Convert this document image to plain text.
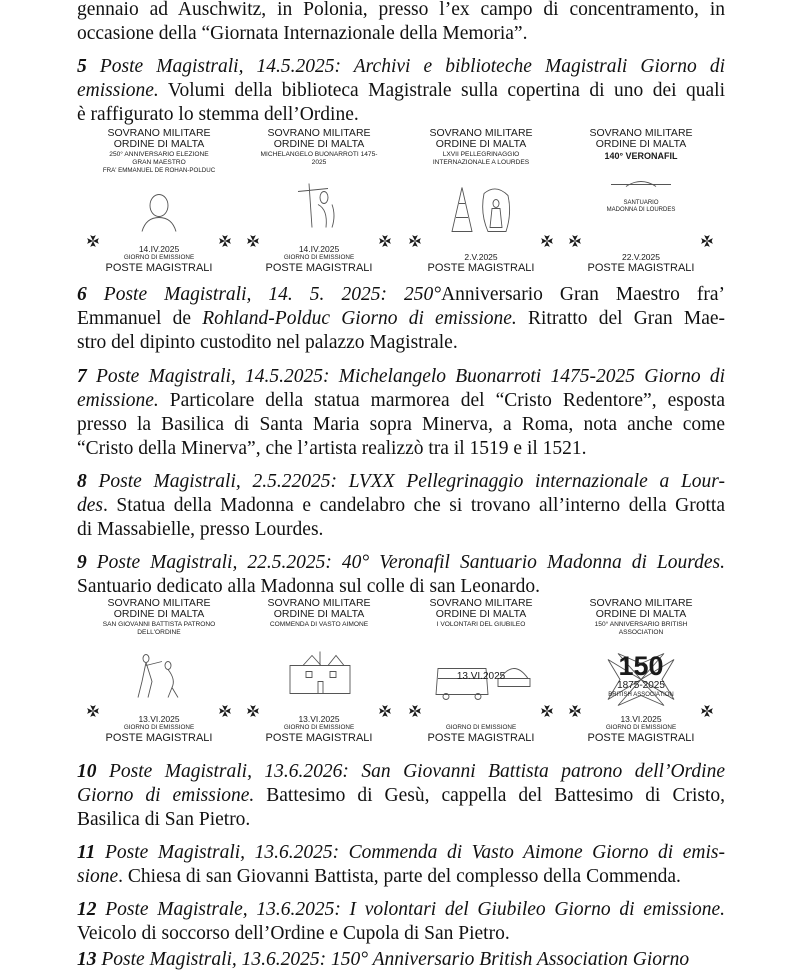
gennaio ad Auschwitz, in Polonia, presso l’ex campo di concentramento, in
occasione della “Giornata Internazionale della Memoria”.
5 Poste Magistrali, 14.5.2025: Archivi e biblioteche Magistrali Giorno di
emissione. Volumi della biblioteca Magistrale sulla copertina di uno dei quali
è raffigurato lo stemma dell’Ordine.
6 Poste Magistrali, 14. 5. 2025: 250°Anniversario Gran Maestro fra’
Emmanuel de Rohland-Polduc Giorno di emissione. Ritratto del Gran Mae-
stro del dipinto custodito nel palazzo Magistrale.
7 Poste Magistrali, 14.5.2025: Michelangelo Buonarroti 1475-2025 Giorno di
emissione. Particolare della statua marmorea del “Cristo Redentore”, esposta
presso la Basilica di Santa Maria sopra Minerva, a Roma, nota anche come
“Cristo della Minerva”, che l’artista realizzò tra il 1519 e il 1521.
8 Poste Magistrali, 2.5.22025: LVXX Pellegrinaggio internazionale a Lour-
des. Statua della Madonna e candelabro che si trovano all’interno della Grotta
di Massabielle, presso Lourdes.
9 Poste Magistrali, 22.5.2025: 40° Veronafil Santuario Madonna di Lourdes.
Santuario dedicato alla Madonna sul colle di san Leonardo.
10 Poste Magistrali, 13.6.2026: San Giovanni Battista patrono dell’Ordine
Giorno di emissione. Battesimo di Gesù, cappella del Battesimo di Cristo,
Basilica di San Pietro.
11 Poste Magistrali, 13.6.2025: Commenda di Vasto Aimone Giorno di emis-
sione. Chiesa di san Giovanni Battista, parte del complesso della Commenda.
12 Poste Magistrale, 13.6.2025: I volontari del Giubileo Giorno di emissione.
Veicolo di soccorso dell’Ordine e Cupola di San Pietro.
13 Poste Magistrali, 13.6.2025: 150° Anniversario British Association Giorno
SOVRANO MILITARE ORDINE DI MALTA
250° ANNIVERSARIO ELEZIONE GRAN MAESTRO
FRA' EMMANUEL DE ROHAN-POLDUC
14.IV.2025
GIORNO DI EMISSIONE
POSTE MAGISTRALI
SOVRANO MILITARE ORDINE DI MALTA
MICHELANGELO BUONARROTI 1475-2025
14.IV.2025
GIORNO DI EMISSIONE
POSTE MAGISTRALI
SOVRANO MILITARE ORDINE DI MALTA
LXVII PELLEGRINAGGIO INTERNAZIONALE A LOURDES
2.V.2025
POSTE MAGISTRALI
SOVRANO MILITARE ORDINE DI MALTA
140° VERONAFIL
SANTUARIO
MADONNA DI LOURDES
22.V.2025
POSTE MAGISTRALI
SOVRANO MILITARE ORDINE DI MALTA
SAN GIOVANNI BATTISTA PATRONO DELL'ORDINE
13.VI.2025
GIORNO DI EMISSIONE
POSTE MAGISTRALI
SOVRANO MILITARE ORDINE DI MALTA
COMMENDA DI VASTO AIMONE
13.VI.2025
GIORNO DI EMISSIONE
POSTE MAGISTRALI
SOVRANO MILITARE ORDINE DI MALTA
I VOLONTARI DEL GIUBILEO
13.VI.2025
GIORNO DI EMISSIONE
POSTE MAGISTRALI
SOVRANO MILITARE ORDINE DI MALTA
150° ANNIVERSARIO BRITISH ASSOCIATION
150
1875-2025
BRITISH ASSOCIATION
13.VI.2025
GIORNO DI EMISSIONE
POSTE MAGISTRALI
